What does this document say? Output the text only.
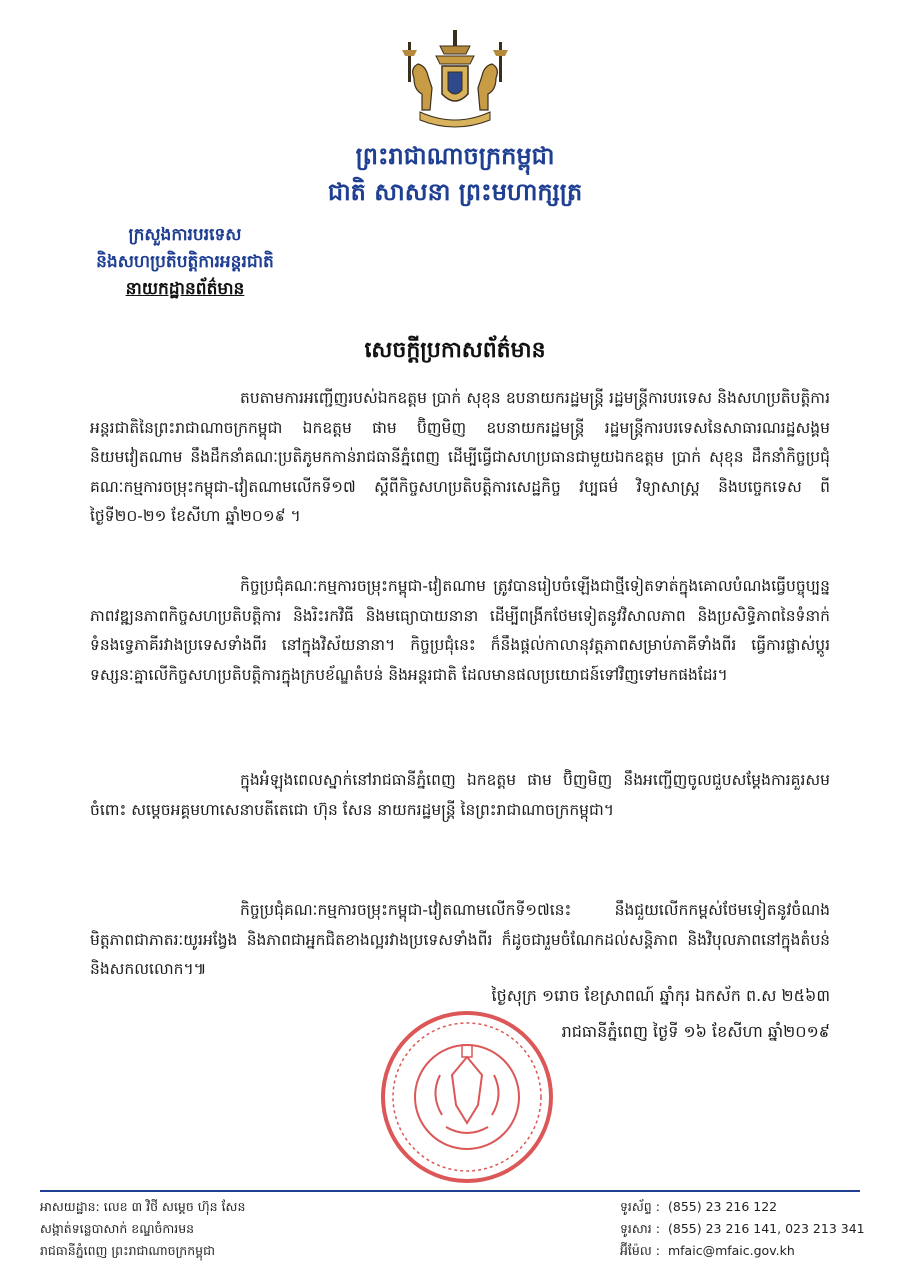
ព្រះរាជាណាចក្រកម្ពុជា
ជាតិ សាសនា ព្រះមហាក្សត្រ
ក្រសួងការបរទេស
និងសហប្រតិបត្តិការអន្តរជាតិ
នាយកដ្ឋានព័ត៌មាន
សេចក្តីប្រកាសព័ត៌មាន

តបតាមការអញ្ជើញរបស់ឯកឧត្តម ប្រាក់ សុខុន ឧបនាយករដ្ឋមន្ត្រី រដ្ឋមន្ត្រីការបរទេស និងសហប្រតិបត្តិការអន្តរជាតិនៃព្រះរាជាណាចក្រកម្ពុជា ឯកឧត្តម ផាម ប៊ិញមិញ ឧបនាយករដ្ឋមន្ត្រី រដ្ឋមន្ត្រីការបរទេសនៃសាធារណរដ្ឋសង្គមនិយមវៀតណាម នឹងដឹកនាំគណៈប្រតិភូមកកាន់រាជធានីភ្នំពេញ ដើម្បីធ្វើជាសហប្រធានជាមួយឯកឧត្តម ប្រាក់ សុខុន ដឹកនាំកិច្ចប្រជុំគណៈកម្មការចម្រុះកម្ពុជា-វៀតណាមលើកទី១៧ ស្តីពីកិច្ចសហប្រតិបត្តិការសេដ្ឋកិច្ច វប្បធម៌ វិទ្យាសាស្ត្រ និងបច្ចេកទេស ពីថ្ងៃទី២០-២១ ខែសីហា ឆ្នាំ២០១៩ ។

កិច្ចប្រជុំគណៈកម្មការចម្រុះកម្ពុជា-វៀតណាម ត្រូវបានរៀបចំឡើងជាថ្មីទៀតទាត់ក្នុងគោលបំណងធ្វើបច្ចុប្បន្នភាពវឌ្ឍនភាពកិច្ចសហប្រតិបត្តិការ និងរិះរកវិធី និងមធ្យោបាយនានា ដើម្បីពង្រីកថែមទៀតនូវវិសាលភាព និងប្រសិទ្ធិភាពនៃទំនាក់ទំនងទ្វេភាគីរវាងប្រទេសទាំងពីរ នៅក្នុងវិស័យនានា។ កិច្ចប្រជុំនេះ ក៏នឹងផ្តល់កាលានុវត្តភាពសម្រាប់ភាគីទាំងពីរ ធ្វើការផ្លាស់ប្តូរទស្សនៈគ្នាលើកិច្ចសហប្រតិបត្តិការក្នុងក្របខ័ណ្ឌតំបន់ និងអន្តរជាតិ ដែលមានផលប្រយោជន៍ទៅវិញទៅមកផងដែរ។

ក្នុងអំឡុងពេលស្នាក់នៅរាជធានីភ្នំពេញ ឯកឧត្តម ផាម ប៊ិញមិញ នឹងអញ្ជើញចូលជួបសម្តែងការគួរសមចំពោះ សម្តេចអគ្គមហាសេនាបតីតេជោ ហ៊ុន សែន នាយករដ្ឋមន្ត្រី នៃព្រះរាជាណាចក្រកម្ពុជា។

កិច្ចប្រជុំគណៈកម្មការចម្រុះកម្ពុជា-វៀតណាមលើកទី១៧នេះ នឹងជួយលើកកម្ពស់ថែមទៀតនូវចំណងមិត្តភាពជាភាតរៈយូរអង្វែង និងភាពជាអ្នកជិតខាងល្អរវាងប្រទេសទាំងពីរ ក៏ដូចជារួមចំណែកដល់សន្តិភាព និងវិបុលភាពនៅក្នុងតំបន់ និងសកលលោក។៕

ថ្ងៃសុក្រ ១រោច ខែស្រាពណ៍ ឆ្នាំកុរ ឯកស័ក ព.ស ២៥៦៣
រាជធានីភ្នំពេញ ថ្ងៃទី ១៦ ខែសីហា ឆ្នាំ២០១៩
អាសយដ្ឋាន: លេខ ៣ វិថី សម្តេច ហ៊ុន សែន
សង្កាត់ទន្លេបាសាក់ ខណ្ឌចំការមន
រាជធានីភ្នំពេញ ព្រះរាជាណាចក្រកម្ពុជា
ទូរស័ព្ទ : (855) 23 216 122
ទូរសារ : (855) 23 216 141, 023 213 341
អ៊ីម៉ែល : mfaic@mfaic.gov.kh
